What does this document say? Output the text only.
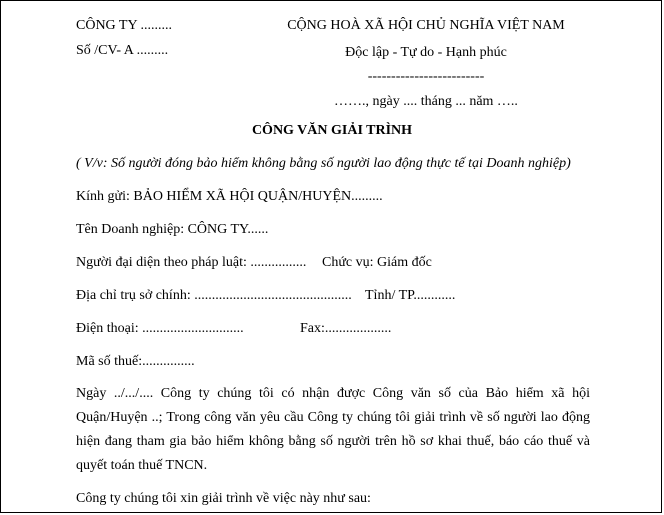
CÔNG TY .........
Số /CV- A .........
CỘNG HOÀ XÃ HỘI CHỦ NGHĨA VIỆT NAM
Độc lập - Tự do - Hạnh phúc
-------------------------
……., ngày .... tháng ... năm …..
CÔNG VĂN GIẢI TRÌNH
( V/v: Số người đóng bảo hiểm không bằng số người lao động thực tế tại Doanh nghiệp)
Kính gửi: BẢO HIỂM XÃ HỘI QUẬN/HUYỆN.........
Tên Doanh nghiệp: CÔNG TY......
Người đại diện theo pháp luật: ................ Chức vụ: Giám đốc
Địa chỉ trụ sở chính: ............................................. Tỉnh/ TP............
Điện thoại: .............................	Fax:...................
Mã số thuế:...............
Ngày ../.../.... Công ty chúng tôi có nhận được Công văn số của Bảo hiểm xã hội Quận/Huyện ..; Trong công văn yêu cầu Công ty chúng tôi giải trình về số người lao động hiện đang tham gia bảo hiểm không bằng số người trên hồ sơ khai thuế, báo cáo thuế và quyết toán thuế TNCN.
Công ty chúng tôi xin giải trình về việc này như sau:
